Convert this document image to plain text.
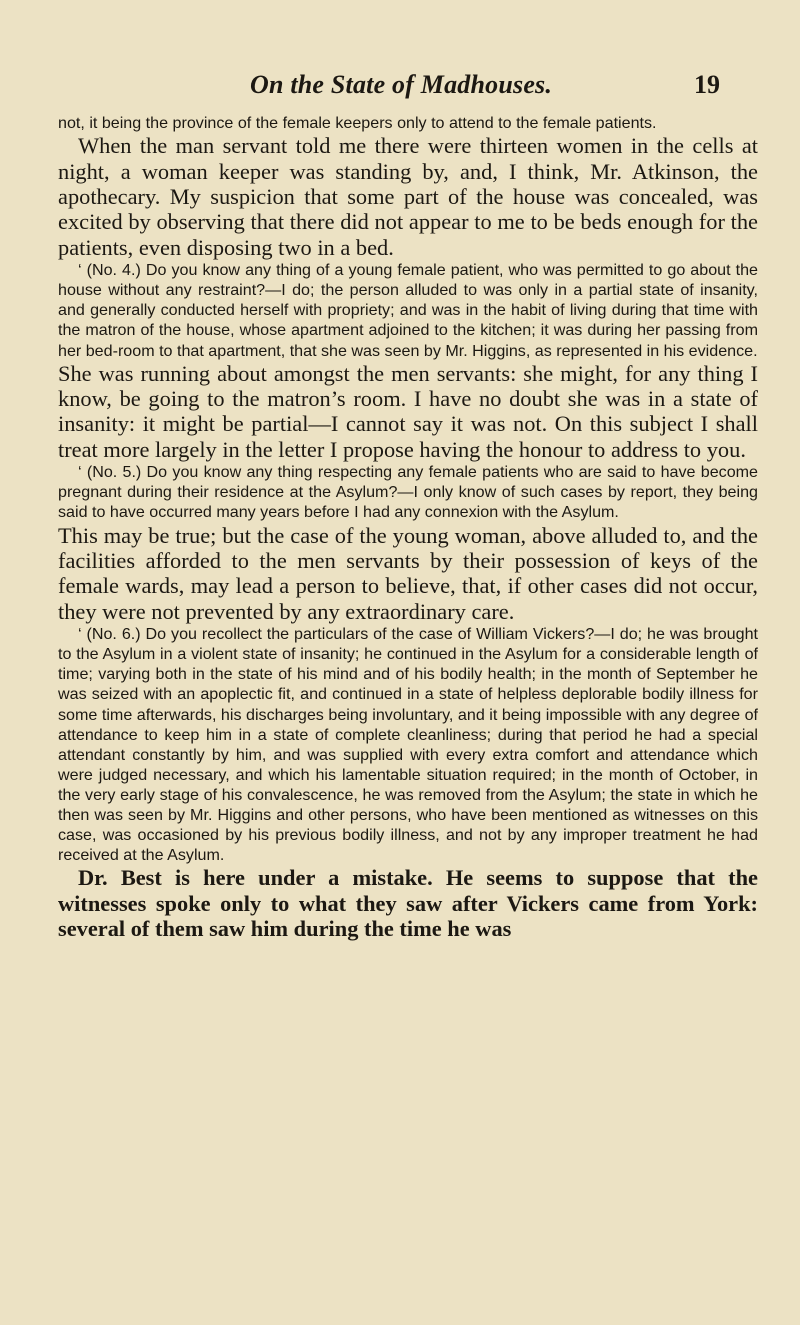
On the State of Madhouses.	19

not, it being the province of the female keepers only to attend to the female patients.

When the man servant told me there were thirteen women in the cells at night, a woman keeper was standing by, and, I think, Mr. Atkinson, the apothecary. My suspicion that some part of the house was concealed, was excited by observing that there did not appear to me to be beds enough for the patients, even disposing two in a bed.

‘ (No. 4.) Do you know any thing of a young female patient, who was permitted to go about the house without any restraint?—I do; the person alluded to was only in a partial state of insanity, and generally conducted herself with propriety; and was in the habit of living during that time with the matron of the house, whose apartment adjoined to the kitchen; it was during her passing from her bed-room to that apartment, that she was seen by Mr. Higgins, as represented in his evidence.

She was running about amongst the men servants: she might, for any thing I know, be going to the matron’s room. I have no doubt she was in a state of insanity: it might be partial—I cannot say it was not. On this subject I shall treat more largely in the letter I propose having the honour to address to you.

‘ (No. 5.) Do you know any thing respecting any female patients who are said to have become pregnant during their residence at the Asylum?—I only know of such cases by report, they being said to have occurred many years before I had any connexion with the Asylum.

This may be true; but the case of the young woman, above alluded to, and the facilities afforded to the men servants by their possession of keys of the female wards, may lead a person to believe, that, if other cases did not occur, they were not prevented by any extraordinary care.

‘ (No. 6.) Do you recollect the particulars of the case of William Vickers?—I do; he was brought to the Asylum in a violent state of insanity; he continued in the Asylum for a considerable length of time; varying both in the state of his mind and of his bodily health; in the month of September he was seized with an apoplectic fit, and continued in a state of helpless deplorable bodily illness for some time afterwards, his discharges being involuntary, and it being impossible with any degree of attendance to keep him in a state of complete cleanliness; during that period he had a special attendant constantly by him, and was supplied with every extra comfort and attendance which were judged necessary, and which his lamentable situation required; in the month of October, in the very early stage of his convalescence, he was removed from the Asylum; the state in which he then was seen by Mr. Higgins and other persons, who have been mentioned as witnesses on this case, was occasioned by his previous bodily illness, and not by any improper treatment he had received at the Asylum.

Dr. Best is here under a mistake. He seems to suppose that the witnesses spoke only to what they saw after Vickers came from York: several of them saw him during the time he was
